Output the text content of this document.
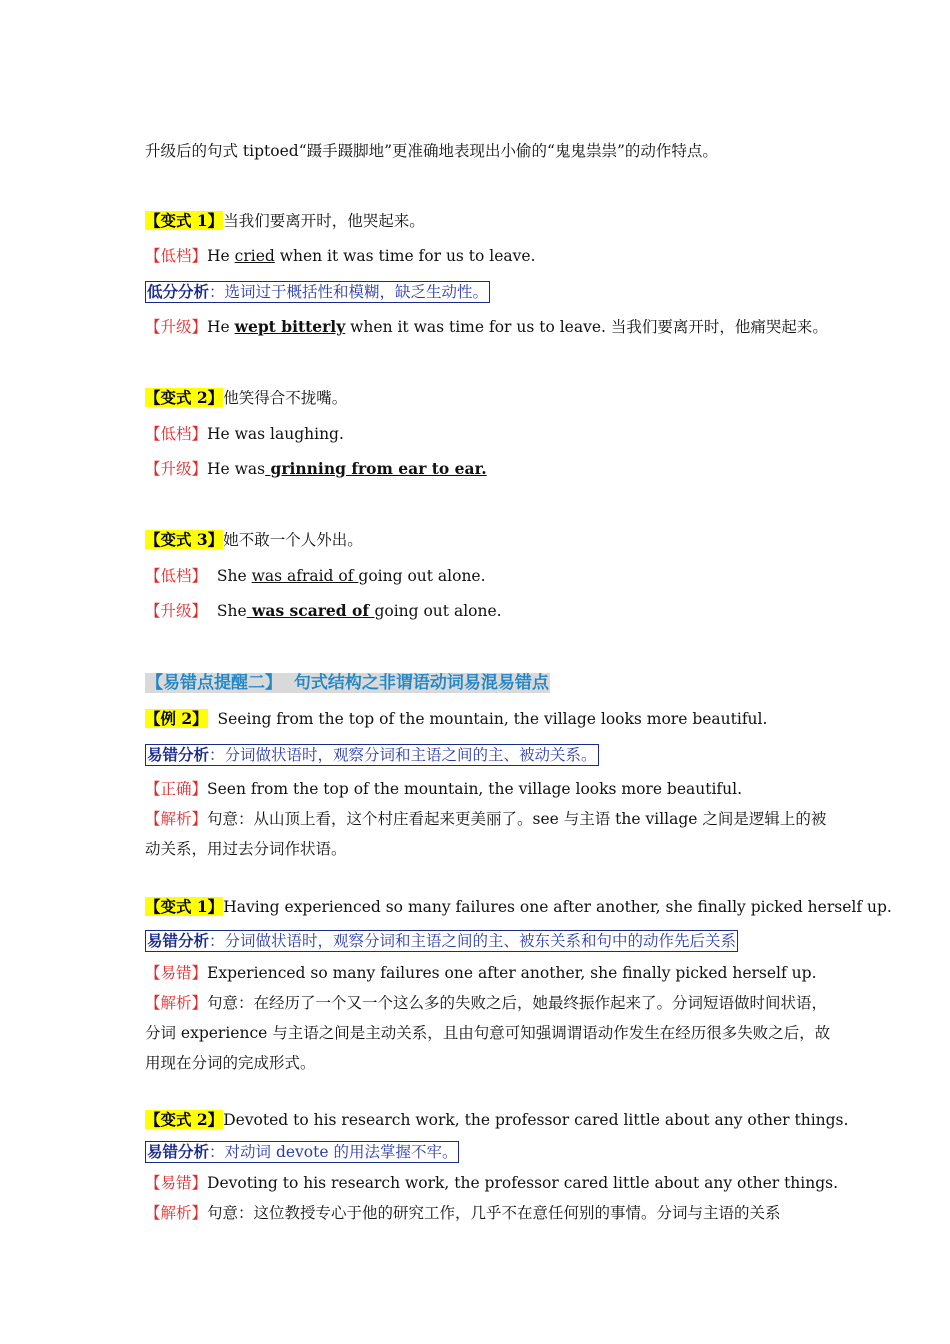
升级后的句式 tiptoed“蹑手蹑脚地”更准确地表现出小偷的“鬼鬼祟祟”的动作特点。
【变式 1】当我们要离开时，他哭起来。
【低档】He cried when it was time for us to leave.
低分分析：选词过于概括性和模糊，缺乏生动性。
【升级】He wept bitterly when it was time for us to leave. 当我们要离开时，他痛哭起来。
【变式 2】他笑得合不拢嘴。
【低档】He was laughing.
【升级】He was grinning from ear to ear.
【变式 3】她不敢一个人外出。
【低档】  She was afraid of going out alone.
【升级】  She was scared of going out alone.
【易错点提醒二】  句式结构之非谓语动词易混易错点
【例 2】  Seeing from the top of the mountain, the village looks more beautiful.
易错分析：分词做状语时，观察分词和主语之间的主、被动关系。
【正确】Seen from the top of the mountain, the village looks more beautiful.
【解析】句意：从山顶上看，这个村庄看起来更美丽了。see 与主语 the village 之间是逻辑上的被动关系，用过去分词作状语。
【变式 1】Having experienced so many failures one after another, she finally picked herself up.
易错分析：分词做状语时，观察分词和主语之间的主、被东关系和句中的动作先后关系
【易错】Experienced so many failures one after another, she finally picked herself up.
【解析】句意：在经历了一个又一个这么多的失败之后，她最终振作起来了。分词短语做时间状语，分词 experience 与主语之间是主动关系，且由句意可知强调谓语动作发生在经历很多失败之后，故用现在分词的完成形式。
【变式 2】Devoted to his research work, the professor cared little about any other things.
易错分析：对动词 devote 的用法掌握不牢。
【易错】Devoting to his research work, the professor cared little about any other things.
【解析】句意：这位教授专心于他的研究工作，几乎不在意任何别的事情。分词与主语的关系
